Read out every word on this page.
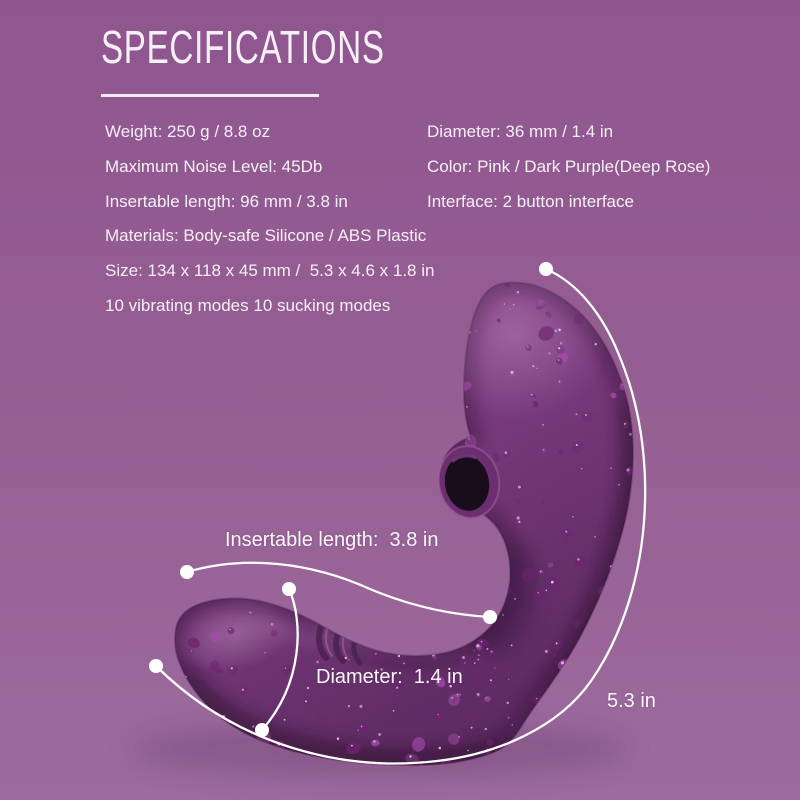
SPECIFICATIONS
Weight: 250 g / 8.8 oz
Maximum Noise Level: 45Db
Insertable length: 96 mm / 3.8 in
Materials: Body-safe Silicone / ABS Plastic
Size: 134 x 118 x 45 mm /  5.3 x 4.6 x 1.8 in
10 vibrating modes 10 sucking modes
Diameter: 36 mm / 1.4 in
Color: Pink / Dark Purple(Deep Rose)
Interface: 2 button interface
Insertable length:  3.8 in
Diameter:  1.4 in
5.3 in
